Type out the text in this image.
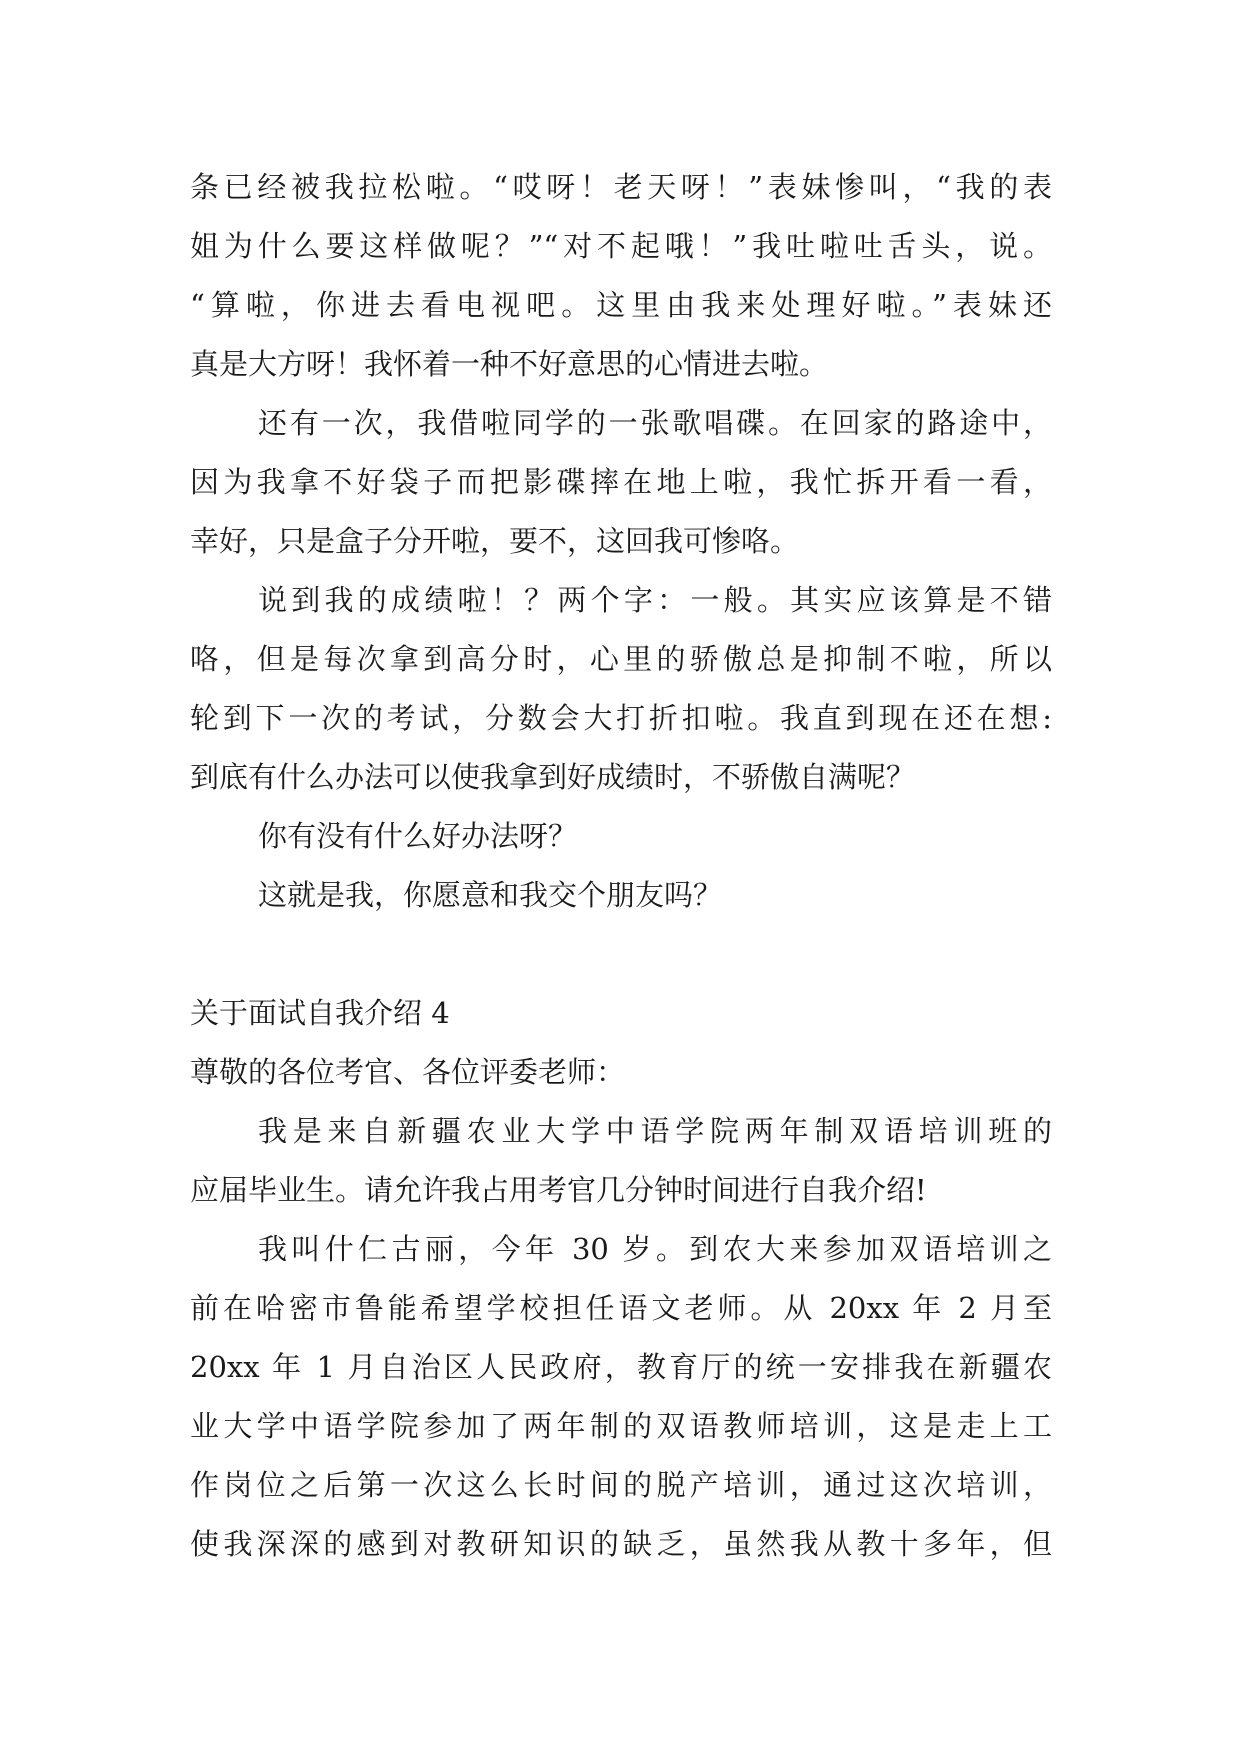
条已经被我拉松啦。“哎呀！老天呀！”表妹惨叫，“我的表
姐为什么要这样做呢？”“对不起哦！”我吐啦吐舌头，说。
“算啦，你进去看电视吧。这里由我来处理好啦。”表妹还
真是大方呀！我怀着一种不好意思的心情进去啦。
还有一次，我借啦同学的一张歌唱碟。在回家的路途中，
因为我拿不好袋子而把影碟摔在地上啦，我忙拆开看一看，
幸好，只是盒子分开啦，要不，这回我可惨咯。
说到我的成绩啦！？两个字：一般。其实应该算是不错
咯，但是每次拿到高分时，心里的骄傲总是抑制不啦，所以
轮到下一次的考试，分数会大打折扣啦。我直到现在还在想:
到底有什么办法可以使我拿到好成绩时，不骄傲自满呢？
你有没有什么好办法呀？
这就是我，你愿意和我交个朋友吗？
关于面试自我介绍 4
尊敬的各位考官、各位评委老师：
我是来自新疆农业大学中语学院两年制双语培训班的
应届毕业生。请允许我占用考官几分钟时间进行自我介绍!
我叫什仁古丽，今年 30 岁。到农大来参加双语培训之
前在哈密市鲁能希望学校担任语文老师。从 20xx 年 2 月至
20xx 年 1 月自治区人民政府，教育厅的统一安排我在新疆农
业大学中语学院参加了两年制的双语教师培训，这是走上工
作岗位之后第一次这么长时间的脱产培训，通过这次培训，
使我深深的感到对教研知识的缺乏，虽然我从教十多年，但
